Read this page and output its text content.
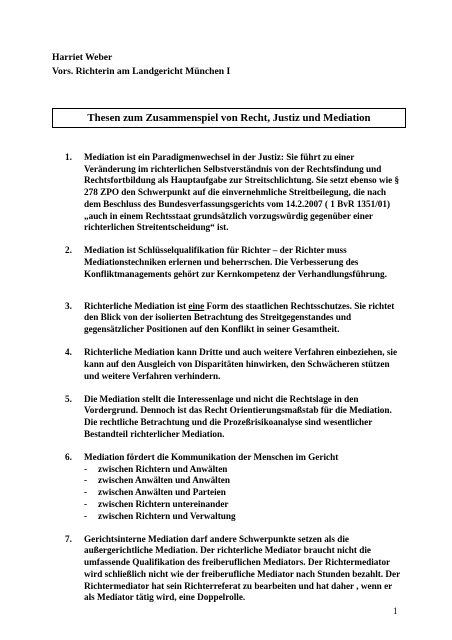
Harriet Weber
Vors. Richterin am Landgericht München I
Thesen zum Zusammenspiel von Recht, Justiz und Mediation
1.	Mediation ist ein Paradigmenwechsel in der Justiz: Sie führt zu einer
Veränderung im richterlichen Selbstverständnis von der Rechtsfindung und
Rechtsfortbildung als Hauptaufgabe zur Streitschlichtung. Sie setzt ebenso wie §
278 ZPO den Schwerpunkt auf die einvernehmliche Streitbeilegung, die nach
dem Beschluss des Bundesverfassungsgerichts vom 14.2.2007 ( 1 BvR 1351/01)
„auch in einem Rechtsstaat grundsätzlich vorzugswürdig gegenüber einer
richterlichen Streitentscheidung“ ist.
2.	Mediation ist Schlüsselqualifikation für Richter – der Richter muss
Mediationstechniken erlernen und beherrschen. Die Verbesserung des
Konfliktmanagements gehört zur Kernkompetenz der Verhandlungsführung.
3.	Richterliche Mediation ist eine Form des staatlichen Rechtsschutzes. Sie richtet
den Blick von der isolierten Betrachtung des Streitgegenstandes und
gegensätzlicher Positionen auf den Konflikt in seiner Gesamtheit.
4.	Richterliche Mediation kann Dritte und auch weitere Verfahren einbeziehen, sie
kann auf den Ausgleich von Disparitäten hinwirken, den Schwächeren stützen
und weitere Verfahren verhindern.
5.	Die Mediation stellt die Interessenlage und nicht die Rechtslage in den
Vordergrund. Dennoch ist das Recht Orientierungsmaßstab für die Mediation.
Die rechtliche Betrachtung und die Prozeßrisikoanalyse sind wesentlicher
Bestandteil richterlicher Mediation.
6.	Mediation fördert die Kommunikation der Menschen im Gericht
-	zwischen Richtern und Anwälten
-	zwischen Anwälten und Anwälten
-	zwischen Anwälten und Parteien
-	zwischen Richtern untereinander
-	zwischen Richtern und Verwaltung
7.	Gerichtsinterne Mediation darf andere Schwerpunkte setzen als die
außergerichtliche Mediation. Der richterliche Mediator braucht nicht die
umfassende Qualifikation des freiberuflichen Mediators. Der Richtermediator
wird schließlich nicht wie der freiberufliche Mediator nach Stunden bezahlt. Der
Richtermediator hat sein Richterreferat zu bearbeiten und hat daher , wenn er
als Mediator tätig wird, eine Doppelrolle.
1
